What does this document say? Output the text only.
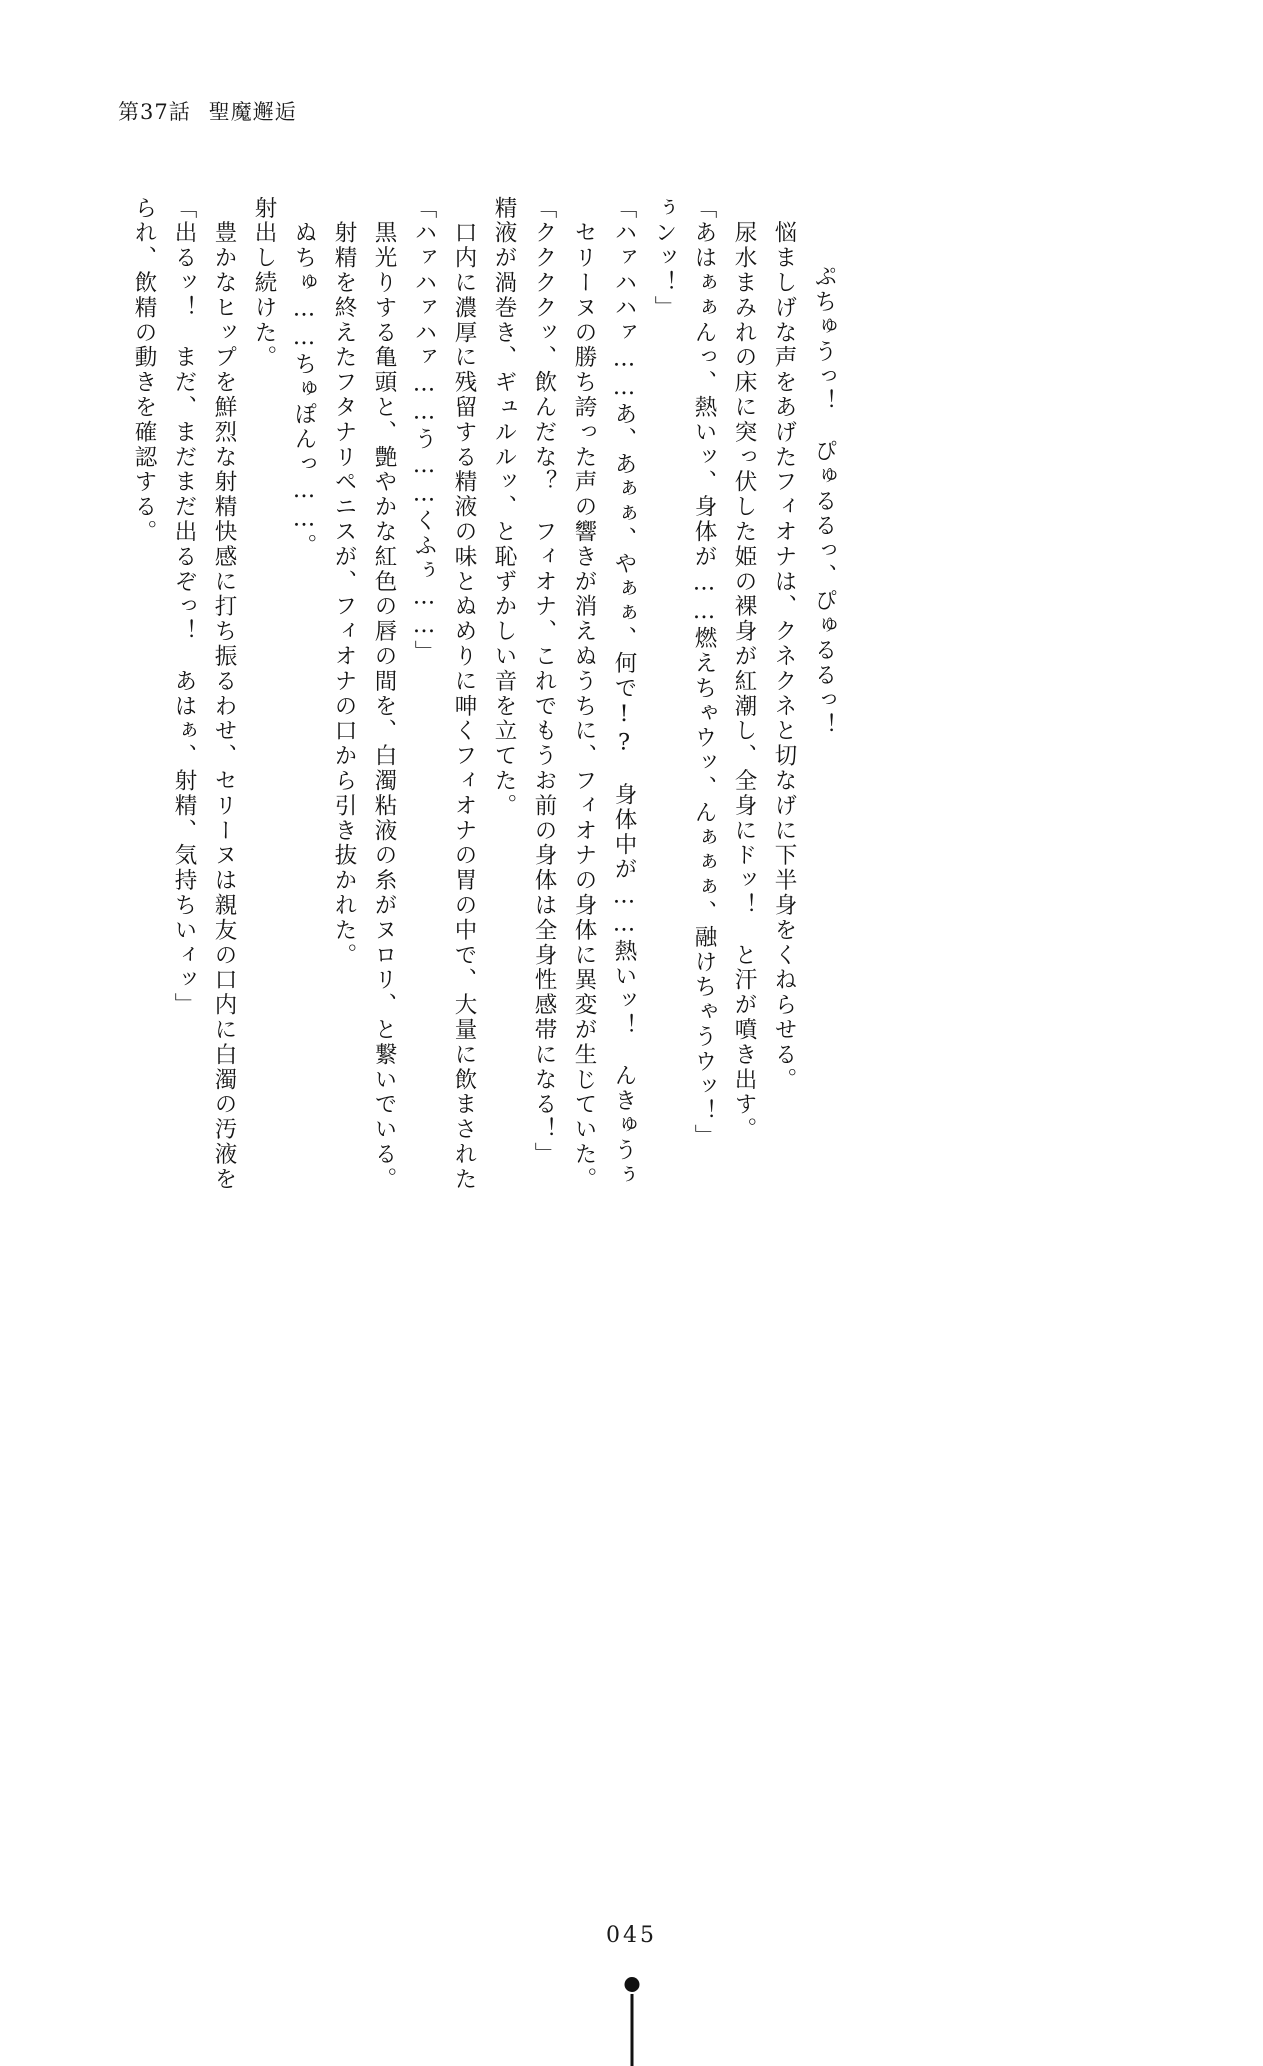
第37話 聖魔邂逅
られ、飲精の動きを確認する。 「出るッ！　まだ、まだまだ出るぞっ！　あはぁ、射精、気持ちいィッ」 　豊かなヒップを鮮烈な射精快感に打ち振るわせ、セリーヌは親友の口内に白濁の汚液を 射出し続けた。 　ぬちゅ……ちゅぽんっ……。 　射精を終えたフタナリペニスが、フィオナの口から引き抜かれた。 　黒光りする亀頭と、艶やかな紅色の唇の間を、白濁粘液の糸がヌロリ、と繋いでいる。 「ハァハァハァ……う……くふぅ……」 　口内に濃厚に残留する精液の味とぬめりに呻くフィオナの胃の中で、大量に飲まされた 精液が渦巻き、ギュルルッ、と恥ずかしい音を立てた。 「ククククッ、飲んだな？　フィオナ、これでもうお前の身体は全身性感帯になる！」 　セリーヌの勝ち誇った声の響きが消えぬうちに、フィオナの身体に異変が生じていた。 「ハァハハァ……あ、あぁぁ、やぁぁ、何で!?　身体中が……熱いッ！　んきゅうぅ ぅンッ！」 「あはぁぁんっ、熱いッ、身体が……燃えちゃウッ、んぁぁぁ、融けちゃうウッ！」 　尿水まみれの床に突っ伏した姫の裸身が紅潮し、全身にドッ！　と汗が噴き出す。 　悩ましげな声をあげたフィオナは、クネクネと切なげに下半身をくねらせる。 　ぷちゅうっ！　ぴゅるるっ、ぴゅるるっ！
045
